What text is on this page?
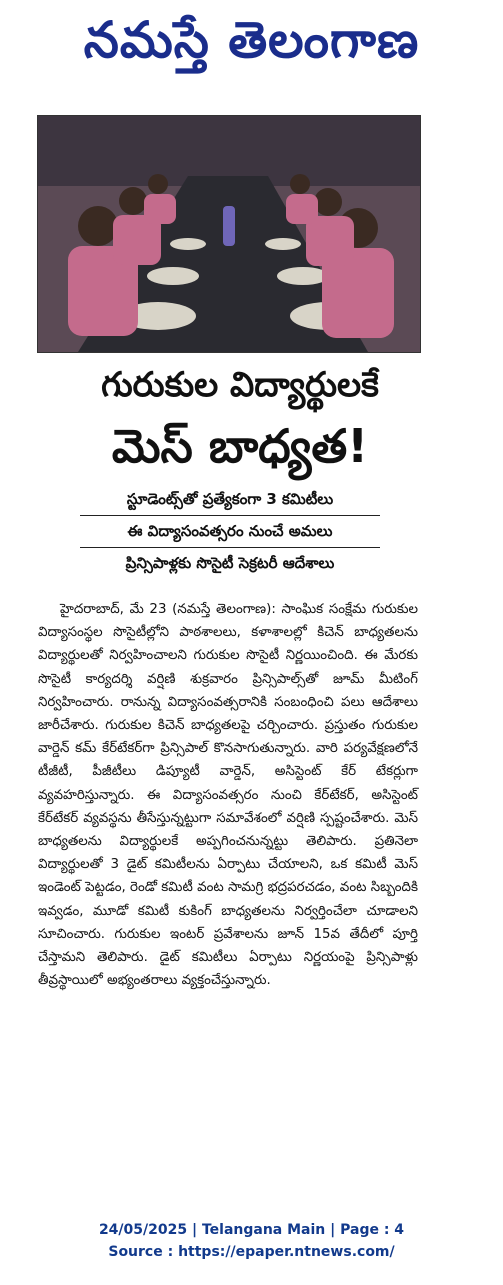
నమస్తే తెలంగాణ
గురుకుల విద్యార్థులకే
మెస్ బాధ్యత!
స్టూడెంట్స్‌తో ప్రత్యేకంగా 3 కమిటీలు
ఈ విద్యాసంవత్సరం నుంచే అమలు
ప్రిన్సిపాళ్లకు సొసైటీ సెక్రటరీ ఆదేశాలు

హైదరాబాద్, మే 23 (నమస్తే తెలంగాణ): సాంఘిక సంక్షేమ గురుకుల విద్యాసంస్థల సొసైటీల్లోని పాఠశాలలు, కళాశాలల్లో కిచెన్ బాధ్యతలను విద్యార్థులతో నిర్వహించాలని గురుకుల సొసైటీ నిర్ణయించింది. ఈ మేరకు సొసైటీ కార్యదర్శి వర్షిణి శుక్రవారం ప్రిన్సిపాల్స్‌తో జూమ్ మీటింగ్ నిర్వహించారు. రానున్న విద్యాసంవత్సరానికి సంబంధించి పలు ఆదేశాలు జారీచేశారు. గురుకుల కిచెన్ బాధ్యతలపై చర్చించారు. ప్రస్తుతం గురుకుల వార్డెన్ కమ్ కేర్‌టేకర్‌గా ప్రిన్సిపాల్ కొనసాగుతున్నారు. వారి పర్యవేక్షణలోనే టీజీటీ, పీజీటీలు డిప్యూటీ వార్డెన్, అసిస్టెంట్ కేర్ టేకర్లుగా వ్యవహరిస్తున్నారు. ఈ విద్యాసంవత్సరం నుంచి కేర్‌టేకర్, అసిస్టెంట్ కేర్‌టేకర్ వ్యవస్థను తీసేస్తున్నట్టుగా సమావేశంలో వర్షిణి స్పష్టంచేశారు. మెస్ బాధ్యతలను విద్యార్థులకే అప్పగించనున్నట్టు తెలిపారు. ప్రతినెలా విద్యార్థులతో 3 డైట్ కమిటీలను ఏర్పాటు చేయాలని, ఒక కమిటీ మెస్ ఇండెంట్ పెట్టడం, రెండో కమిటీ వంట సామగ్రి భద్రపరచడం, వంట సిబ్బందికి ఇవ్వడం, మూడో కమిటీ కుకింగ్ బాధ్యతలను నిర్వర్తించేలా చూడాలని సూచించారు. గురుకుల ఇంటర్ ప్రవేశాలను జూన్ 15వ తేదీలో పూర్తి చేస్తామని తెలిపారు. డైట్ కమిటీలు ఏర్పాటు నిర్ణయంపై ప్రిన్సిపాళ్లు తీవ్రస్థాయిలో అభ్యంతరాలు వ్యక్తంచేస్తున్నారు.

24/05/2025 | Telangana Main | Page : 4
Source : https://epaper.ntnews.com/
